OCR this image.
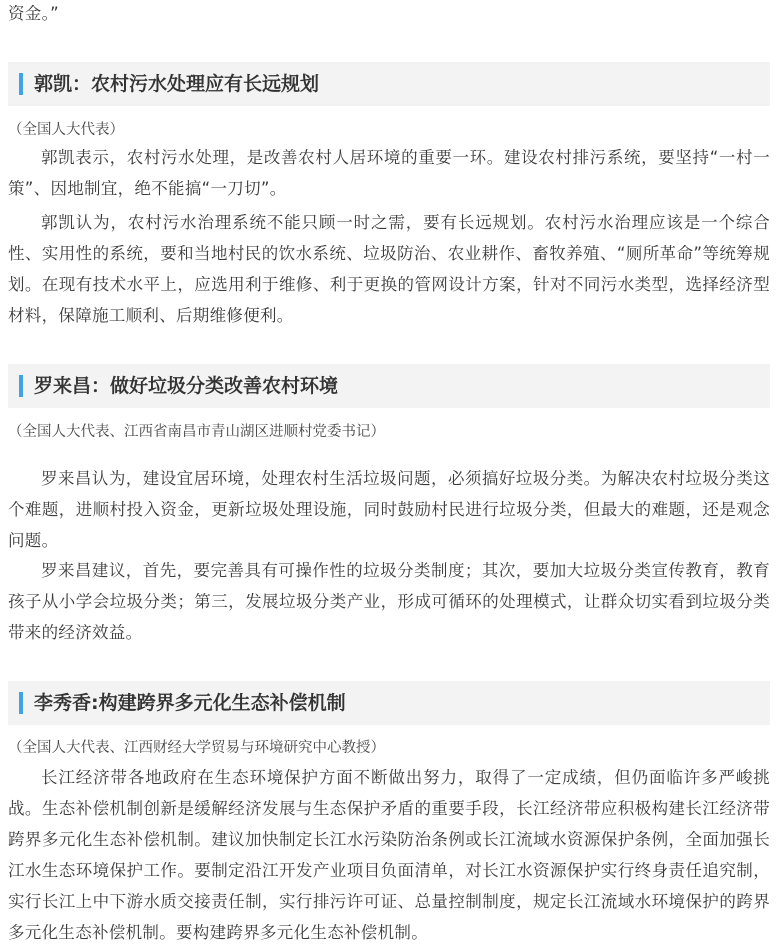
资金。”

郭凯：农村污水处理应有长远规划

（全国人大代表）

郭凯表示，农村污水处理，是改善农村人居环境的重要一环。建设农村排污系统，要坚持“一村一策”、因地制宜，绝不能搞“一刀切”。

郭凯认为，农村污水治理系统不能只顾一时之需，要有长远规划。农村污水治理应该是一个综合性、实用性的系统，要和当地村民的饮水系统、垃圾防治、农业耕作、畜牧养殖、“厕所革命”等统筹规划。在现有技术水平上，应选用利于维修、利于更换的管网设计方案，针对不同污水类型，选择经济型材料，保障施工顺利、后期维修便利。

罗来昌：做好垃圾分类改善农村环境

（全国人大代表、江西省南昌市青山湖区进顺村党委书记）

罗来昌认为，建设宜居环境，处理农村生活垃圾问题，必须搞好垃圾分类。为解决农村垃圾分类这个难题，进顺村投入资金，更新垃圾处理设施，同时鼓励村民进行垃圾分类，但最大的难题，还是观念问题。

罗来昌建议，首先，要完善具有可操作性的垃圾分类制度；其次，要加大垃圾分类宣传教育，教育孩子从小学会垃圾分类；第三，发展垃圾分类产业，形成可循环的处理模式，让群众切实看到垃圾分类带来的经济效益。

李秀香:构建跨界多元化生态补偿机制

（全国人大代表、江西财经大学贸易与环境研究中心教授）

长江经济带各地政府在生态环境保护方面不断做出努力，取得了一定成绩，但仍面临许多严峻挑战。生态补偿机制创新是缓解经济发展与生态保护矛盾的重要手段，长江经济带应积极构建长江经济带跨界多元化生态补偿机制。建议加快制定长江水污染防治条例或长江流域水资源保护条例，全面加强长江水生态环境保护工作。要制定沿江开发产业项目负面清单，对长江水资源保护实行终身责任追究制，实行长江上中下游水质交接责任制，实行排污许可证、总量控制制度，规定长江流域水环境保护的跨界多元化生态补偿机制。要构建跨界多元化生态补偿机制。
